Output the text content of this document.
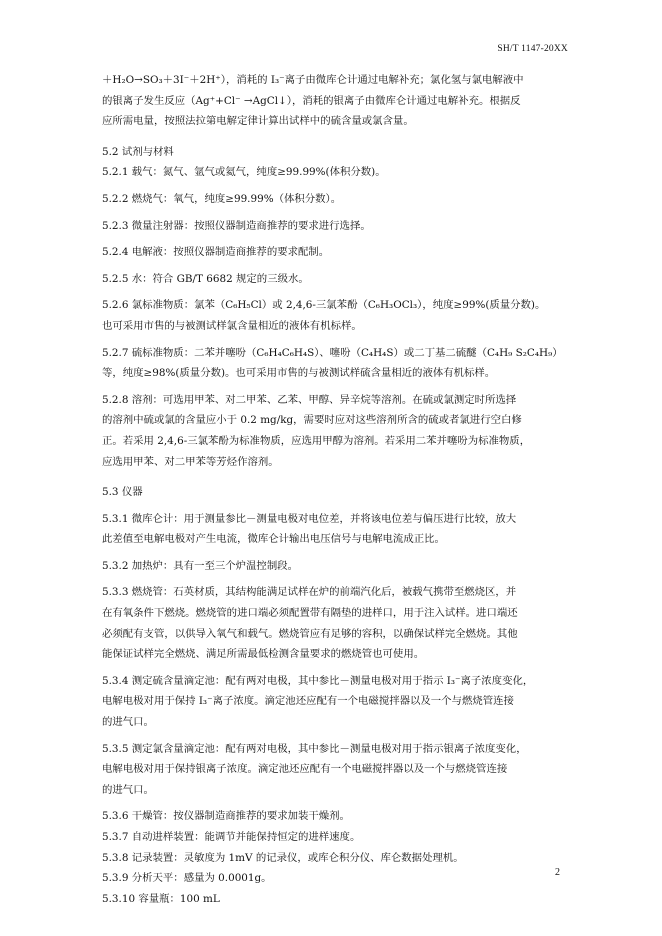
SH/T 1147-20XX

＋H₂O→SO₃＋3I⁻＋2H⁺），消耗的 I₃⁻离子由微库仑计通过电解补充；氯化氢与氯电解液中

的银离子发生反应（Ag⁺+Cl⁻ →AgCl↓），消耗的银离子由微库仑计通过电解补充。根据反

应所需电量，按照法拉第电解定律计算出试样中的硫含量或氯含量。

5.2 试剂与材料

5.2.1 载气：氮气、氩气或氦气，纯度≥99.99%(体积分数)。

5.2.2 燃烧气：氧气，纯度≥99.99%（体积分数）。

5.2.3 微量注射器：按照仪器制造商推荐的要求进行选择。

5.2.4 电解液：按照仪器制造商推荐的要求配制。

5.2.5 水：符合 GB/T 6682 规定的三级水。

5.2.6 氯标准物质：氯苯（C₆H₅Cl）或 2,4,6-三氯苯酚（C₆H₃OCl₃），纯度≥99%(质量分数)。

也可采用市售的与被测试样氯含量相近的液体有机标样。

5.2.7 硫标准物质：二苯并噻吩（C₆H₄C₆H₄S）、噻吩（C₄H₄S）或二丁基二硫醚（C₄H₉ S₂C₄H₉）

等，纯度≥98%(质量分数)。也可采用市售的与被测试样硫含量相近的液体有机标样。

5.2.8 溶剂：可选用甲苯、对二甲苯、乙苯、甲醇、异辛烷等溶剂。在硫或氯测定时所选择

的溶剂中硫或氯的含量应小于 0.2 mg/kg，需要时应对这些溶剂所含的硫或者氯进行空白修

正。若采用 2,4,6-三氯苯酚为标准物质，应选用甲醇为溶剂。若采用二苯并噻吩为标准物质，

应选用甲苯、对二甲苯等芳烃作溶剂。

5.3 仪器

5.3.1 微库仑计：用于测量参比－测量电极对电位差，并将该电位差与偏压进行比较，放大

此差值至电解电极对产生电流，微库仑计输出电压信号与电解电流成正比。

5.3.2 加热炉：具有一至三个炉温控制段。

5.3.3 燃烧管：石英材质，其结构能满足试样在炉的前端汽化后，被载气携带至燃烧区，并

在有氧条件下燃烧。燃烧管的进口端必须配置带有隔垫的进样口，用于注入试样。进口端还

必须配有支管，以供导入氧气和载气。燃烧管应有足够的容积，以确保试样完全燃烧。其他

能保证试样完全燃烧、满足所需最低检测含量要求的燃烧管也可使用。

5.3.4 测定硫含量滴定池：配有两对电极，其中参比－测量电极对用于指示 I₃⁻离子浓度变化，

电解电极对用于保持 I₃⁻离子浓度。滴定池还应配有一个电磁搅拌器以及一个与燃烧管连接

的进气口。

5.3.5 测定氯含量滴定池：配有两对电极，其中参比－测量电极对用于指示银离子浓度变化，

电解电极对用于保持银离子浓度。滴定池还应配有一个电磁搅拌器以及一个与燃烧管连接

的进气口。

5.3.6 干燥管：按仪器制造商推荐的要求加装干燥剂。

5.3.7 自动进样装置：能调节并能保持恒定的进样速度。

5.3.8 记录装置：灵敏度为 1mV 的记录仪，或库仑积分仪、库仑数据处理机。

5.3.9 分析天平：感量为 0.0001g。

5.3.10 容量瓶：100 mL

2
